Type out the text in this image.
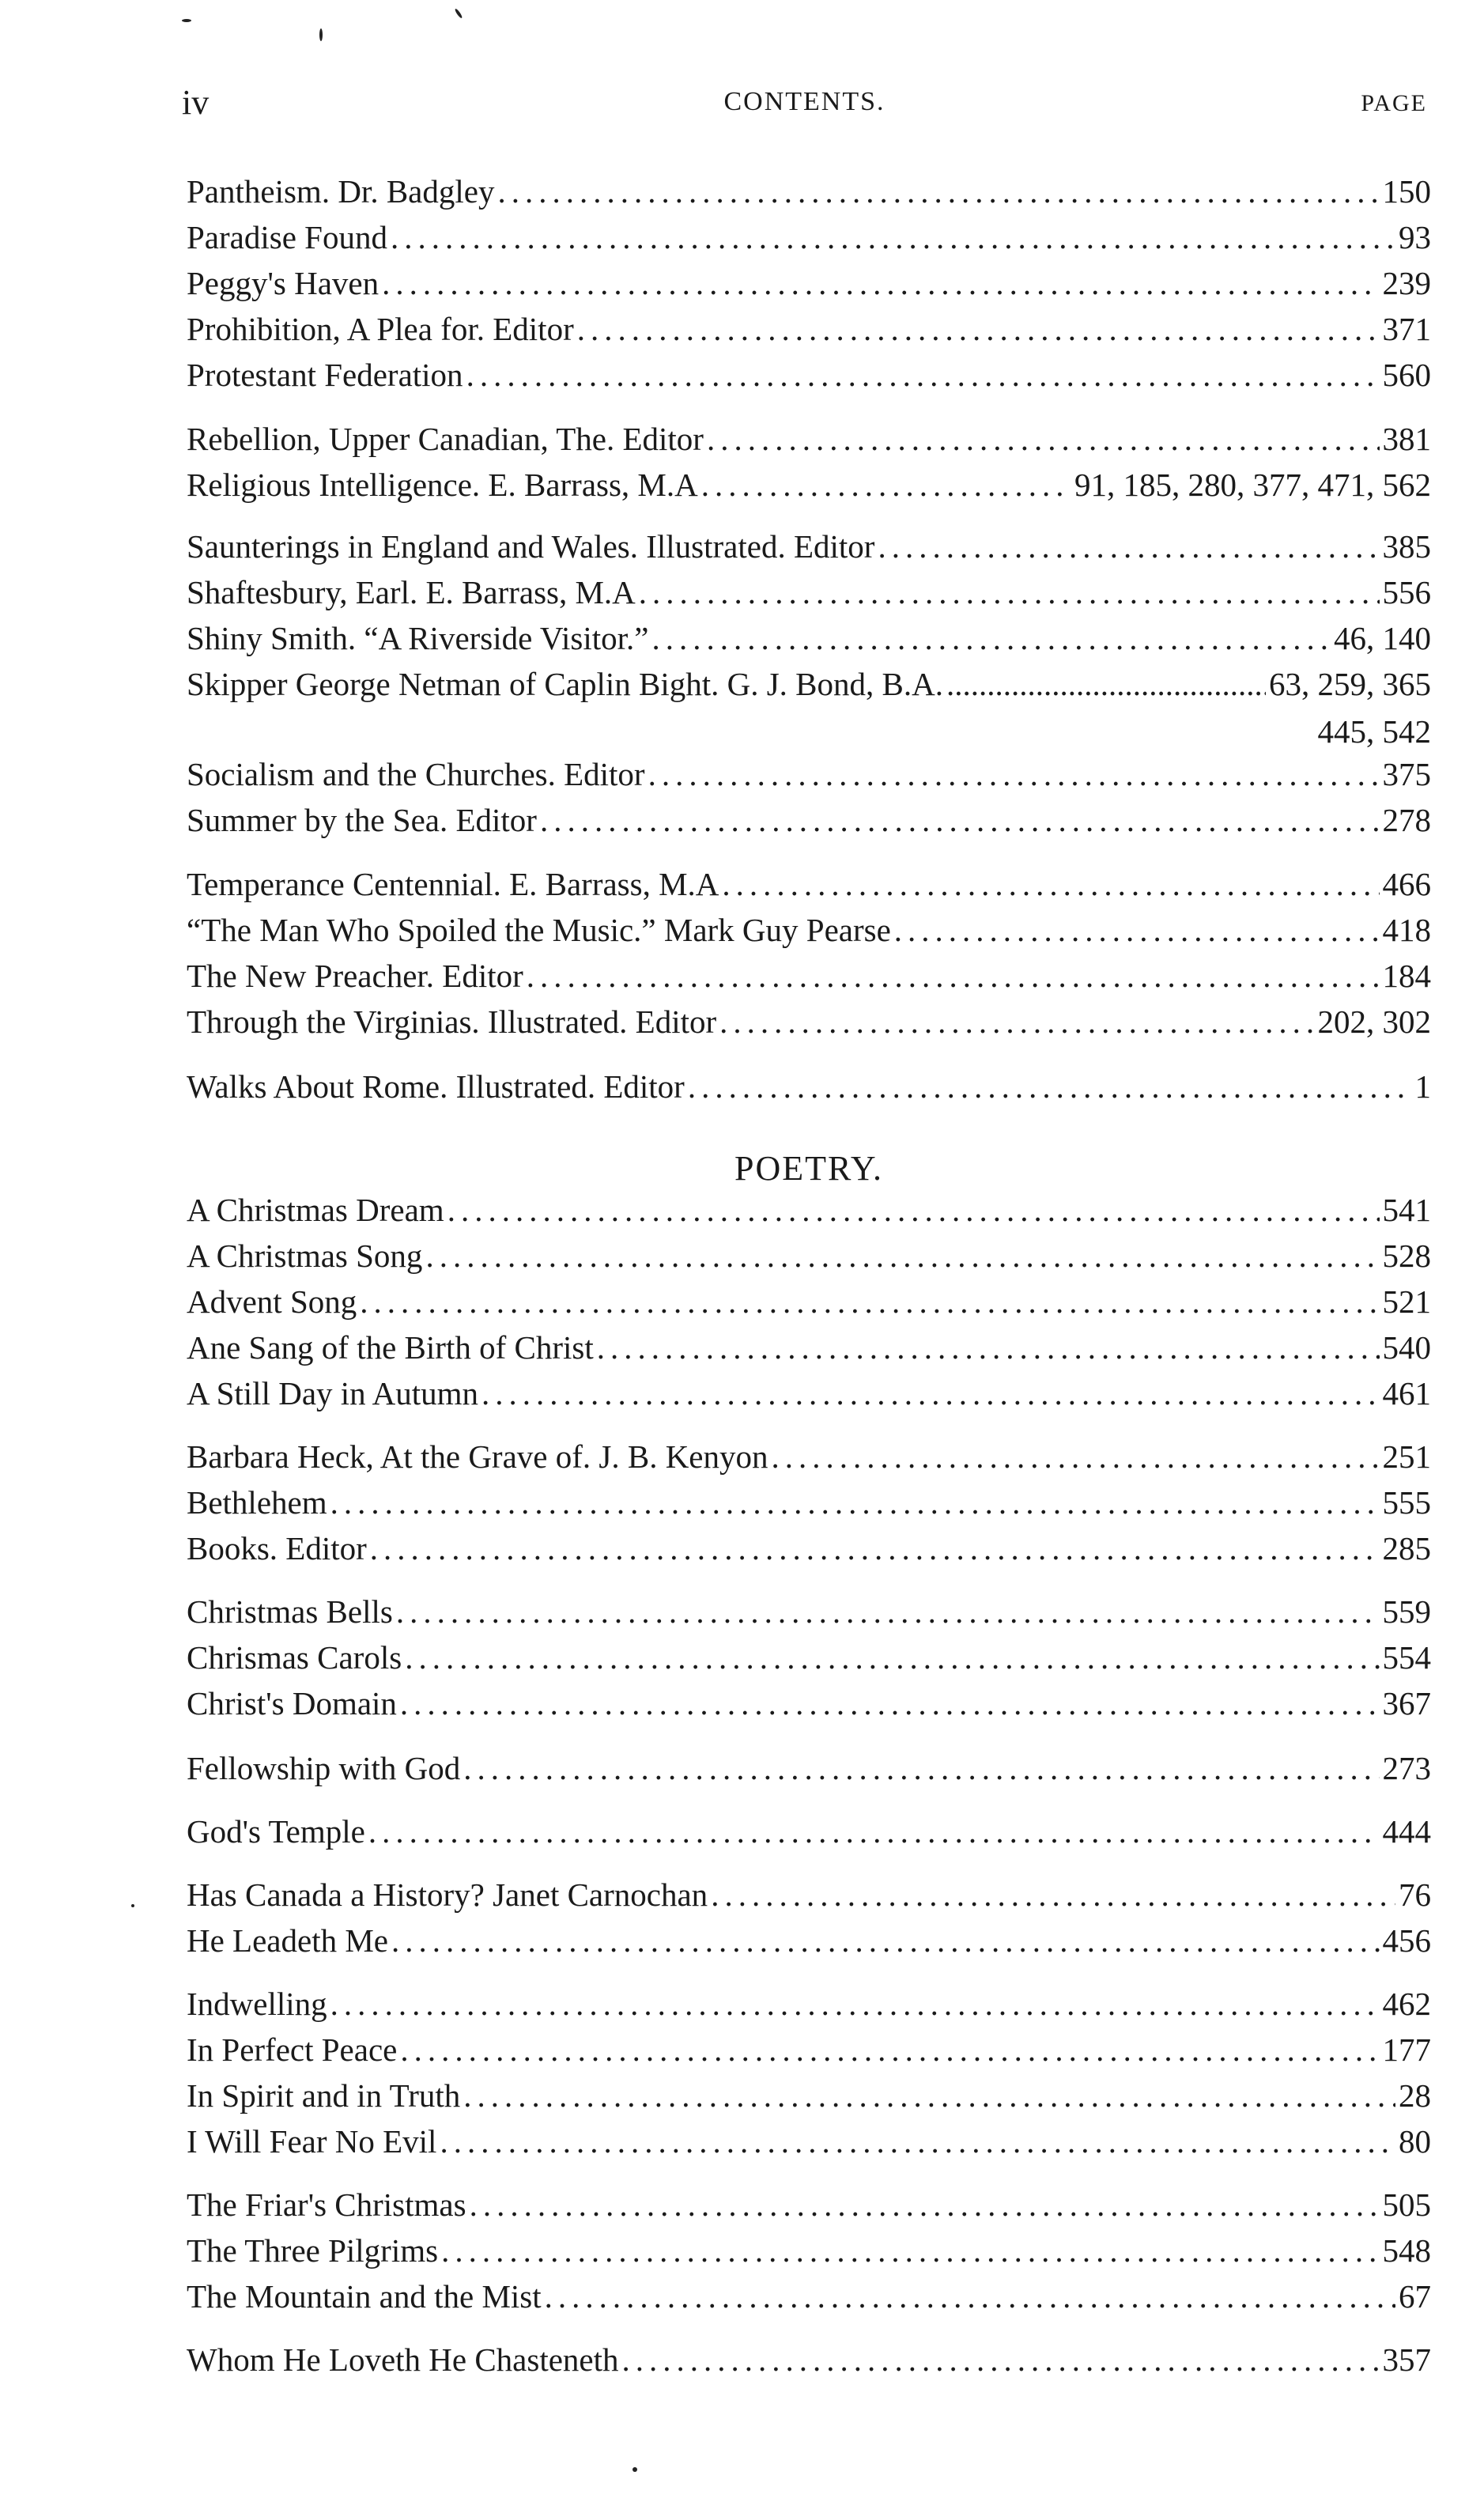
iv	CONTENTS.	PAGE
Pantheism. Dr. Badgley .....	150
Paradise Found .....	93
Peggy's Haven .....	239
Prohibition, A Plea for. Editor .....	371
Protestant Federation .....	560
Rebellion, Upper Canadian, The. Editor .....	381
Religious Intelligence. E. Barrass, M.A .....	91, 185, 280, 377, 471, 562
Saunterings in England and Wales. Illustrated. Editor .....	385
Shaftesbury, Earl. E. Barrass, M.A .....	556
Shiny Smith. “A Riverside Visitor.” .....	46, 140
Skipper George Netman of Caplin Bight. G. J. Bond, B.A. .....	63, 259, 365
445, 542
Socialism and the Churches. Editor .....	375
Summer by the Sea. Editor .....	278
Temperance Centennial. E. Barrass, M.A .....	466
“The Man Who Spoiled the Music.” Mark Guy Pearse .....	418
The New Preacher. Editor .....	184
Through the Virginias. Illustrated. Editor .....	202, 302
Walks About Rome. Illustrated. Editor .....	1
POETRY.
A Christmas Dream .....	541
A Christmas Song .....	528
Advent Song .....	521
Ane Sang of the Birth of Christ .....	540
A Still Day in Autumn .....	461
Barbara Heck, At the Grave of. J. B. Kenyon .....	251
Bethlehem .....	555
Books. Editor .....	285
Christmas Bells .....	559
Chrismas Carols .....	554
Christ's Domain .....	367
Fellowship with God .....	273
God's Temple .....	444
Has Canada a History? Janet Carnochan .....	76
He Leadeth Me .....	456
Indwelling .....	462
In Perfect Peace .....	177
In Spirit and in Truth .....	28
I Will Fear No Evil .....	80
The Friar's Christmas .....	505
The Three Pilgrims .....	548
The Mountain and the Mist .....	67
Whom He Loveth He Chasteneth .....	357
